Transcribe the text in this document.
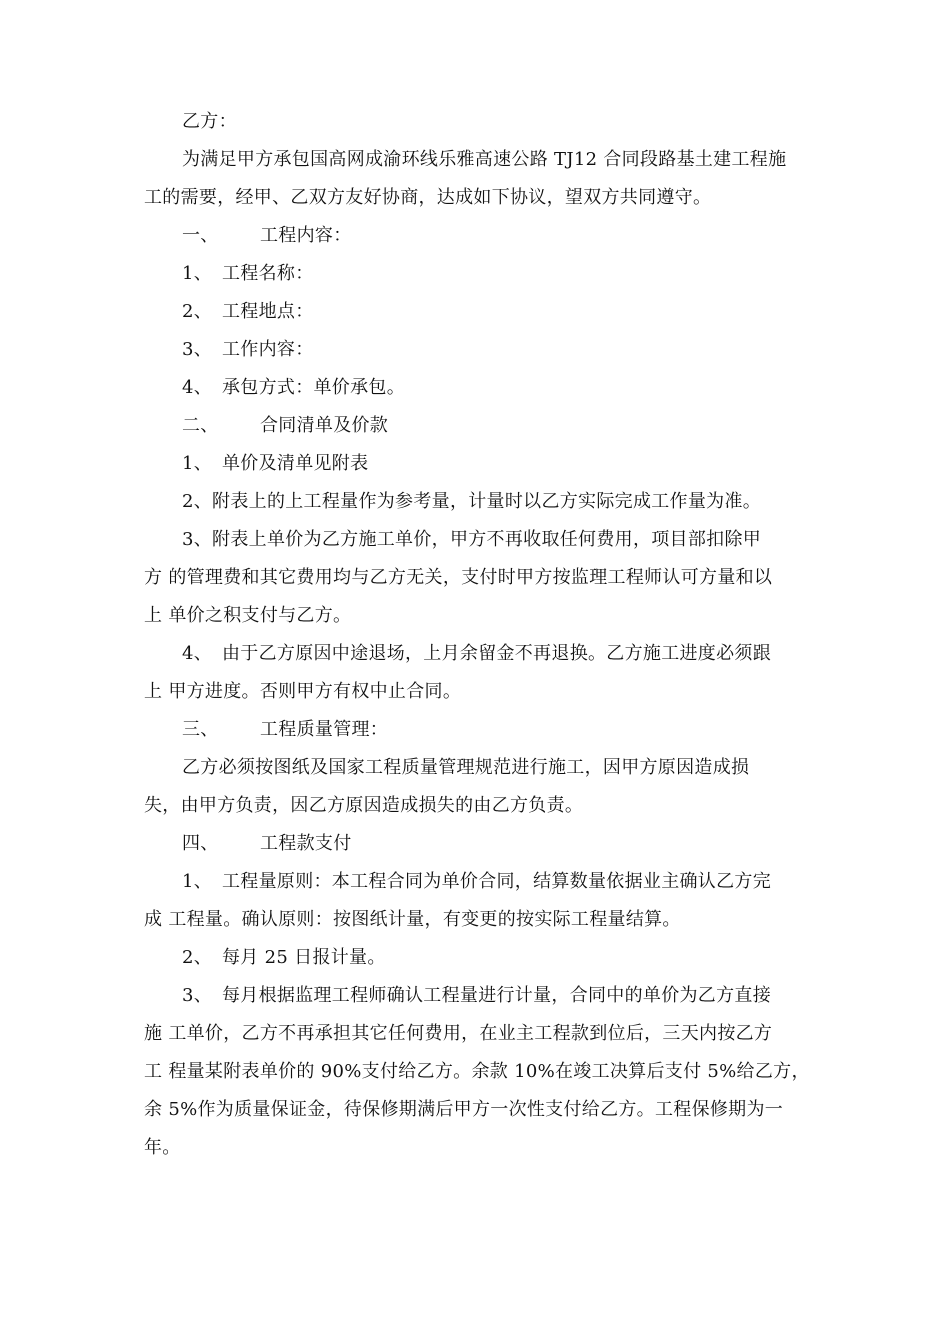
乙方：
为满足甲方承包国高网成渝环线乐雅高速公路 TJ12 合同段路基土建工程施
工的需要，经甲、乙双方友好协商，达成如下协议，望双方共同遵守。
一、 工程内容：
1、 工程名称：
2、 工程地点：
3、 工作内容：
4、 承包方式：单价承包。
二、 合同清单及价款
1、 单价及清单见附表
2、附表上的上工程量作为参考量，计量时以乙方实际完成工作量为准。
3、附表上单价为乙方施工单价，甲方不再收取任何费用，项目部扣除甲
方 的管理费和其它费用均与乙方无关，支付时甲方按监理工程师认可方量和以
上 单价之积支付与乙方。
4、 由于乙方原因中途退场，上月余留金不再退换。乙方施工进度必须跟
上 甲方进度。否则甲方有权中止合同。
三、 工程质量管理：
乙方必须按图纸及国家工程质量管理规范进行施工，因甲方原因造成损
失，由甲方负责，因乙方原因造成损失的由乙方负责。
四、 工程款支付
1、 工程量原则：本工程合同为单价合同，结算数量依据业主确认乙方完
成 工程量。确认原则：按图纸计量，有变更的按实际工程量结算。
2、 每月 25 日报计量。
3、 每月根据监理工程师确认工程量进行计量，合同中的单价为乙方直接
施 工单价，乙方不再承担其它任何费用，在业主工程款到位后，三天内按乙方
工 程量某附表单价的 90%支付给乙方。余款 10%在竣工决算后支付 5%给乙方，
余 5%作为质量保证金，待保修期满后甲方一次性支付给乙方。工程保修期为一
年。
